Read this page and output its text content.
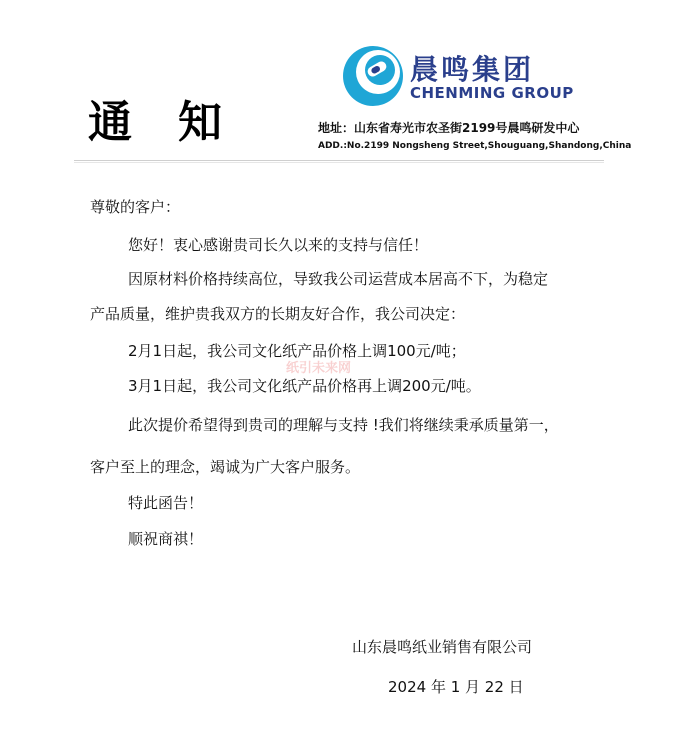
通知
晨鸣集团
CHENMING GROUP
地址：山东省寿光市农圣街2199号晨鸣研发中心
ADD.:No.2199 Nongsheng Street,Shouguang,Shandong,China
尊敬的客户：
您好！衷心感谢贵司长久以来的支持与信任！
因原材料价格持续高位，导致我公司运营成本居高不下，为稳定
产品质量，维护贵我双方的长期友好合作，我公司决定：
2月1日起，我公司文化纸产品价格上调100元/吨；
3月1日起，我公司文化纸产品价格再上调200元/吨。
此次提价希望得到贵司的理解与支持 !我们将继续秉承质量第一，
客户至上的理念，竭诚为广大客户服务。
特此函告！
顺祝商祺！
纸引未来网
山东晨鸣纸业销售有限公司
2024 年 1 月 22 日
